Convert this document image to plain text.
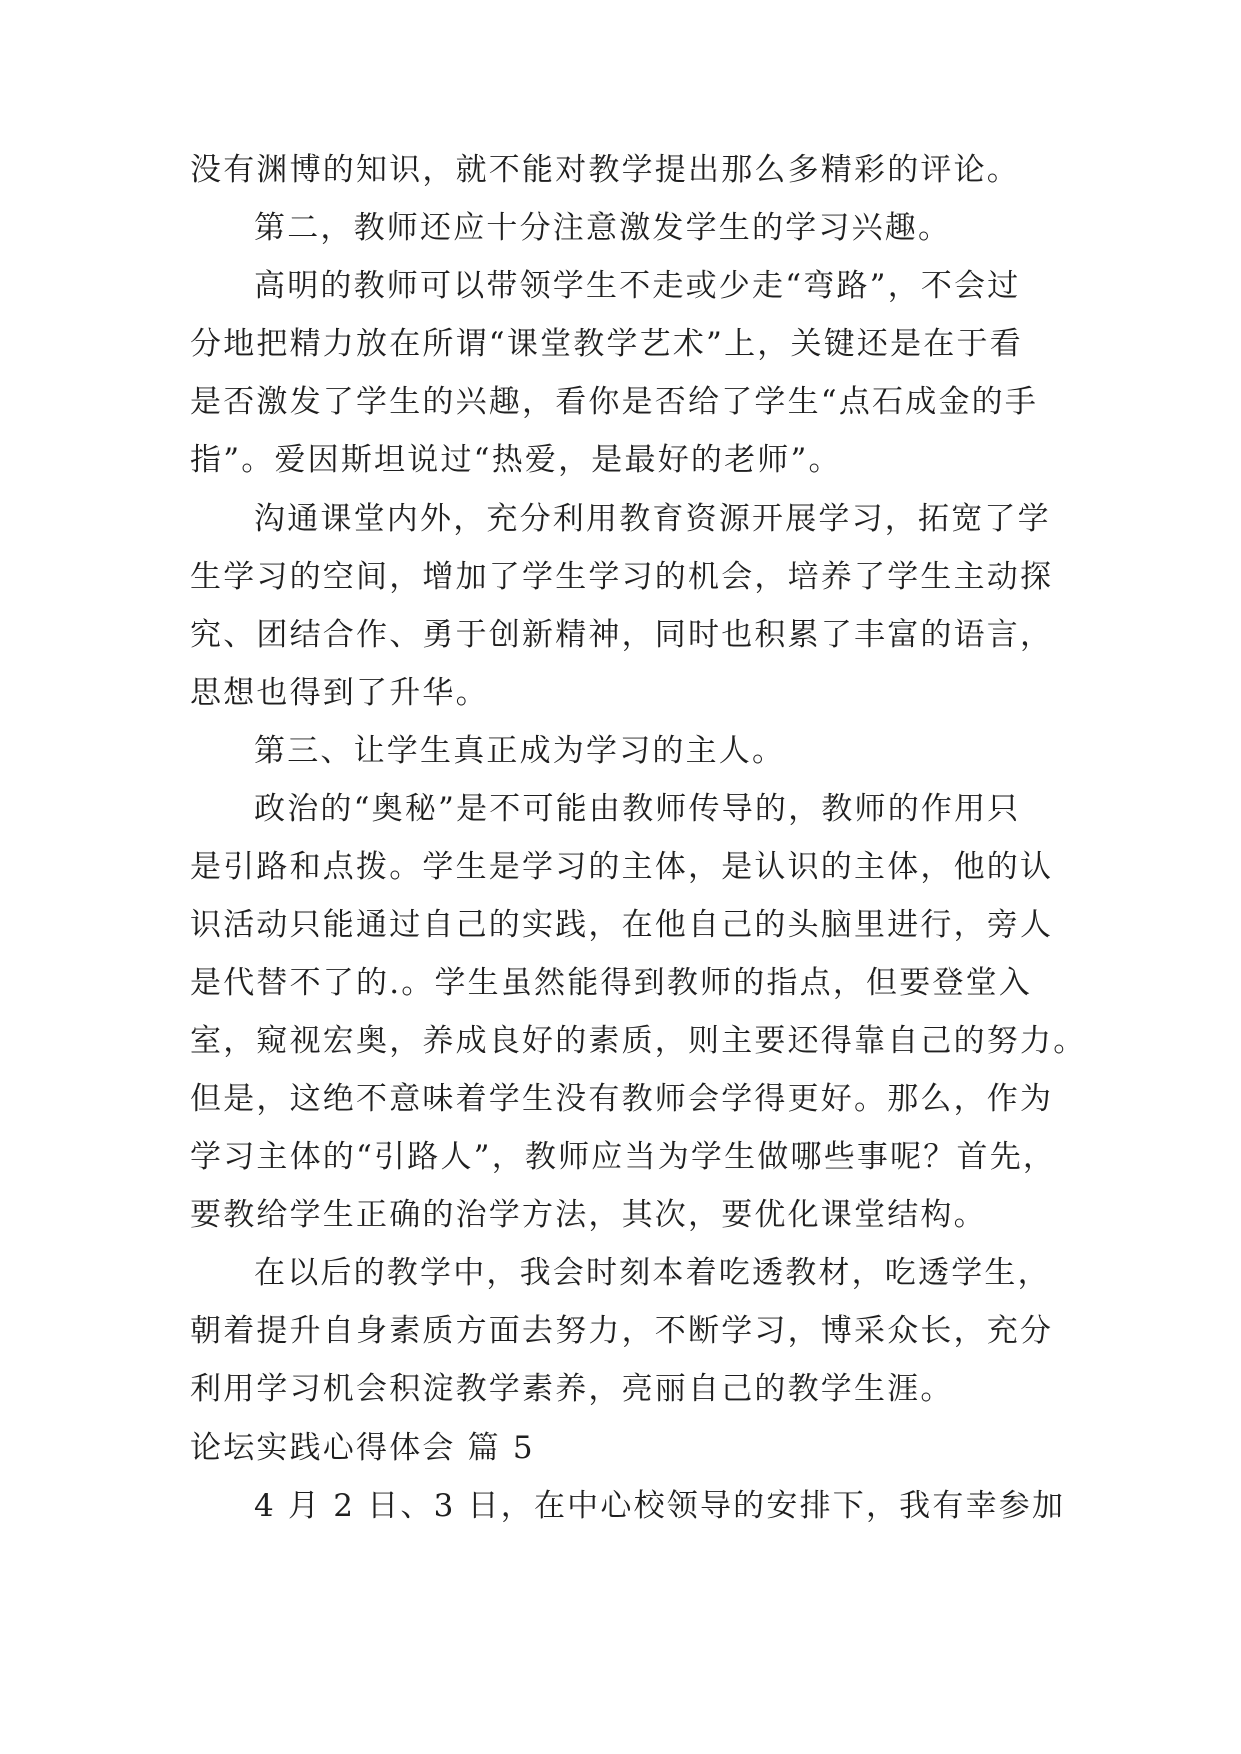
没有渊博的知识，就不能对教学提出那么多精彩的评论。
第二，教师还应十分注意激发学生的学习兴趣。
高明的教师可以带领学生不走或少走“弯路”，不会过
分地把精力放在所谓“课堂教学艺术”上，关键还是在于看
是否激发了学生的兴趣，看你是否给了学生“点石成金的手
指”。爱因斯坦说过“热爱，是最好的老师”。
沟通课堂内外，充分利用教育资源开展学习，拓宽了学
生学习的空间，增加了学生学习的机会，培养了学生主动探
究、团结合作、勇于创新精神，同时也积累了丰富的语言，
思想也得到了升华。
第三、让学生真正成为学习的主人。
政治的“奥秘”是不可能由教师传导的，教师的作用只
是引路和点拨。学生是学习的主体，是认识的主体，他的认
识活动只能通过自己的实践，在他自己的头脑里进行，旁人
是代替不了的.。学生虽然能得到教师的指点，但要登堂入
室，窥视宏奥，养成良好的素质，则主要还得靠自己的努力。
但是，这绝不意味着学生没有教师会学得更好。那么，作为
学习主体的“引路人”，教师应当为学生做哪些事呢？首先，
要教给学生正确的治学方法，其次，要优化课堂结构。
在以后的教学中，我会时刻本着吃透教材，吃透学生，
朝着提升自身素质方面去努力，不断学习，博采众长，充分
利用学习机会积淀教学素养，亮丽自己的教学生涯。
论坛实践心得体会 篇 5
4 月 2 日、3 日，在中心校领导的安排下，我有幸参加
